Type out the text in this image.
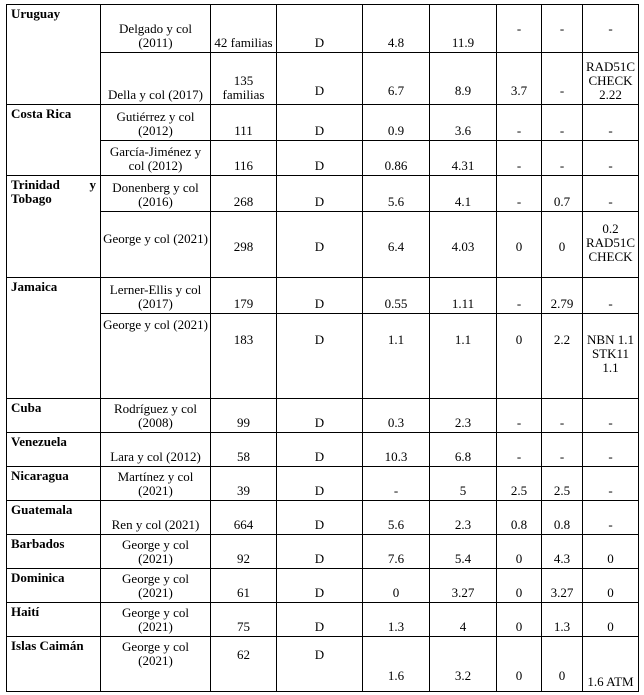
Uruguay	Delgado y col (2011)	42 familias	D	4.8	11.9	-	-	-
	Della y col (2017)	135 familias	D	6.7	8.9	3.7	-	RAD51C CHECK 2.22
Costa Rica	Gutiérrez y col (2012)	111	D	0.9	3.6	-	-	-
	García-Jiménez y col (2012)	116	D	0.86	4.31	-	-	-
Trinidad y Tobago	Donenberg y col (2016)	268	D	5.6	4.1	-	0.7	-
	George y col (2021)	298	D	6.4	4.03	0	0	0.2 RAD51C CHECK
Jamaica	Lerner-Ellis y col (2017)	179	D	0.55	1.11	-	2.79	-
	George y col (2021)	183	D	1.1	1.1	0	2.2	NBN 1.1 STK11 1.1
Cuba	Rodríguez y col (2008)	99	D	0.3	2.3	-	-	-
Venezuela	Lara y col (2012)	58	D	10.3	6.8	-	-	-
Nicaragua	Martínez y col (2021)	39	D	-	5	2.5	2.5	-
Guatemala	Ren y col (2021)	664	D	5.6	2.3	0.8	0.8	-
Barbados	George y col (2021)	92	D	7.6	5.4	0	4.3	0
Dominica	George y col (2021)	61	D	0	3.27	0	3.27	0
Haití	George y col (2021)	75	D	1.3	4	0	1.3	0
Islas Caimán	George y col (2021)	62	D	1.6	3.2	0	0	1.6 ATM
